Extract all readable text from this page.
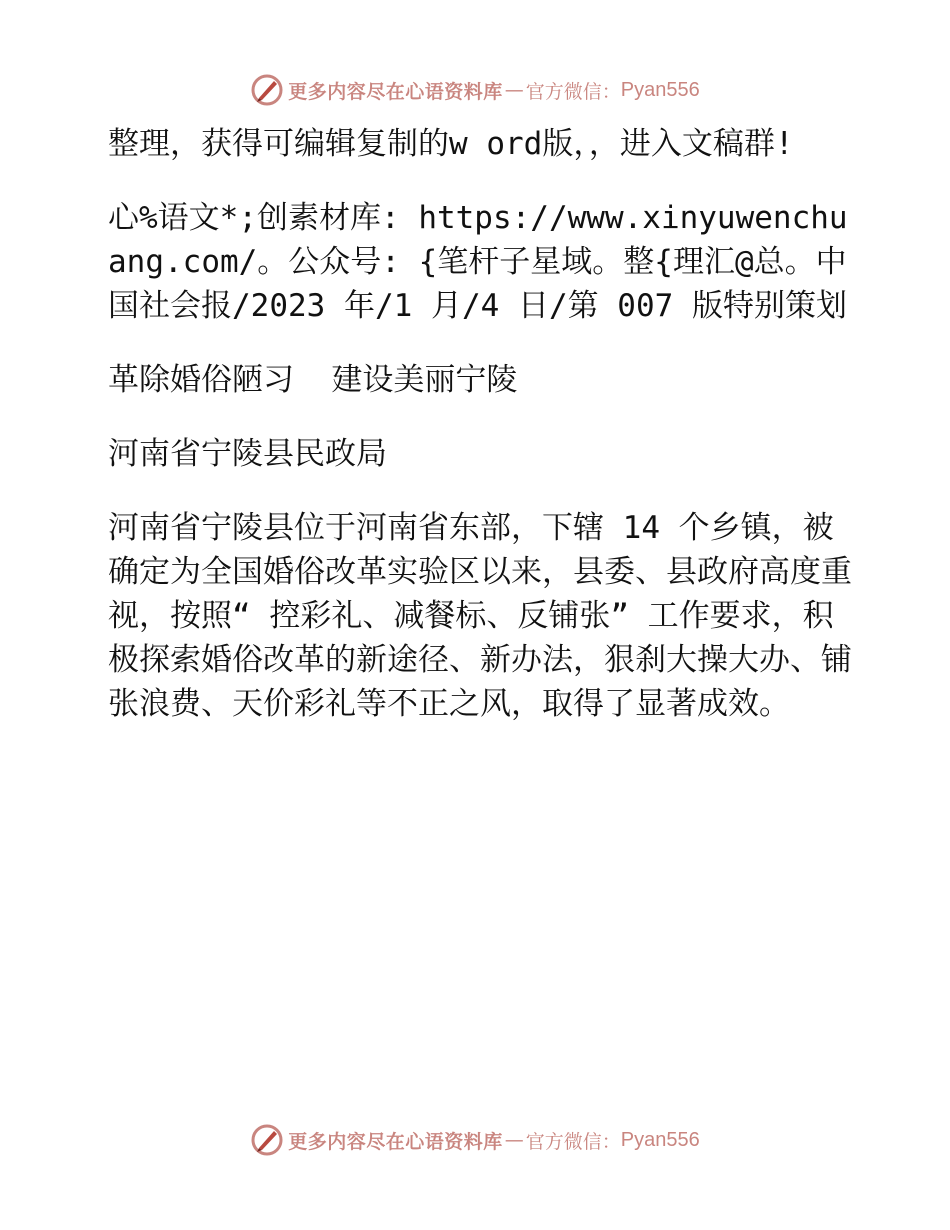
更多内容尽在心语资料库 — 官方微信： Pyan556

整理，获得可编辑复制的w ord版，，进入文稿群!

心%语文*;创素材库: https://www.xinyuwenchuang.com/。公众号: {笔杆子星域。整{理汇@总。中国社会报/2023 年/1 月/4 日/第 007 版特别策划

革除婚俗陋习  建设美丽宁陵

河南省宁陵县民政局

河南省宁陵县位于河南省东部，下辖 14 个乡镇，被确定为全国婚俗改革实验区以来，县委、县政府高度重视，按照“ 控彩礼、减餐标、反铺张” 工作要求，积极探索婚俗改革的新途径、新办法，狠刹大操大办、铺张浪费、天价彩礼等不正之风，取得了显著成效。

更多内容尽在心语资料库 — 官方微信： Pyan556
